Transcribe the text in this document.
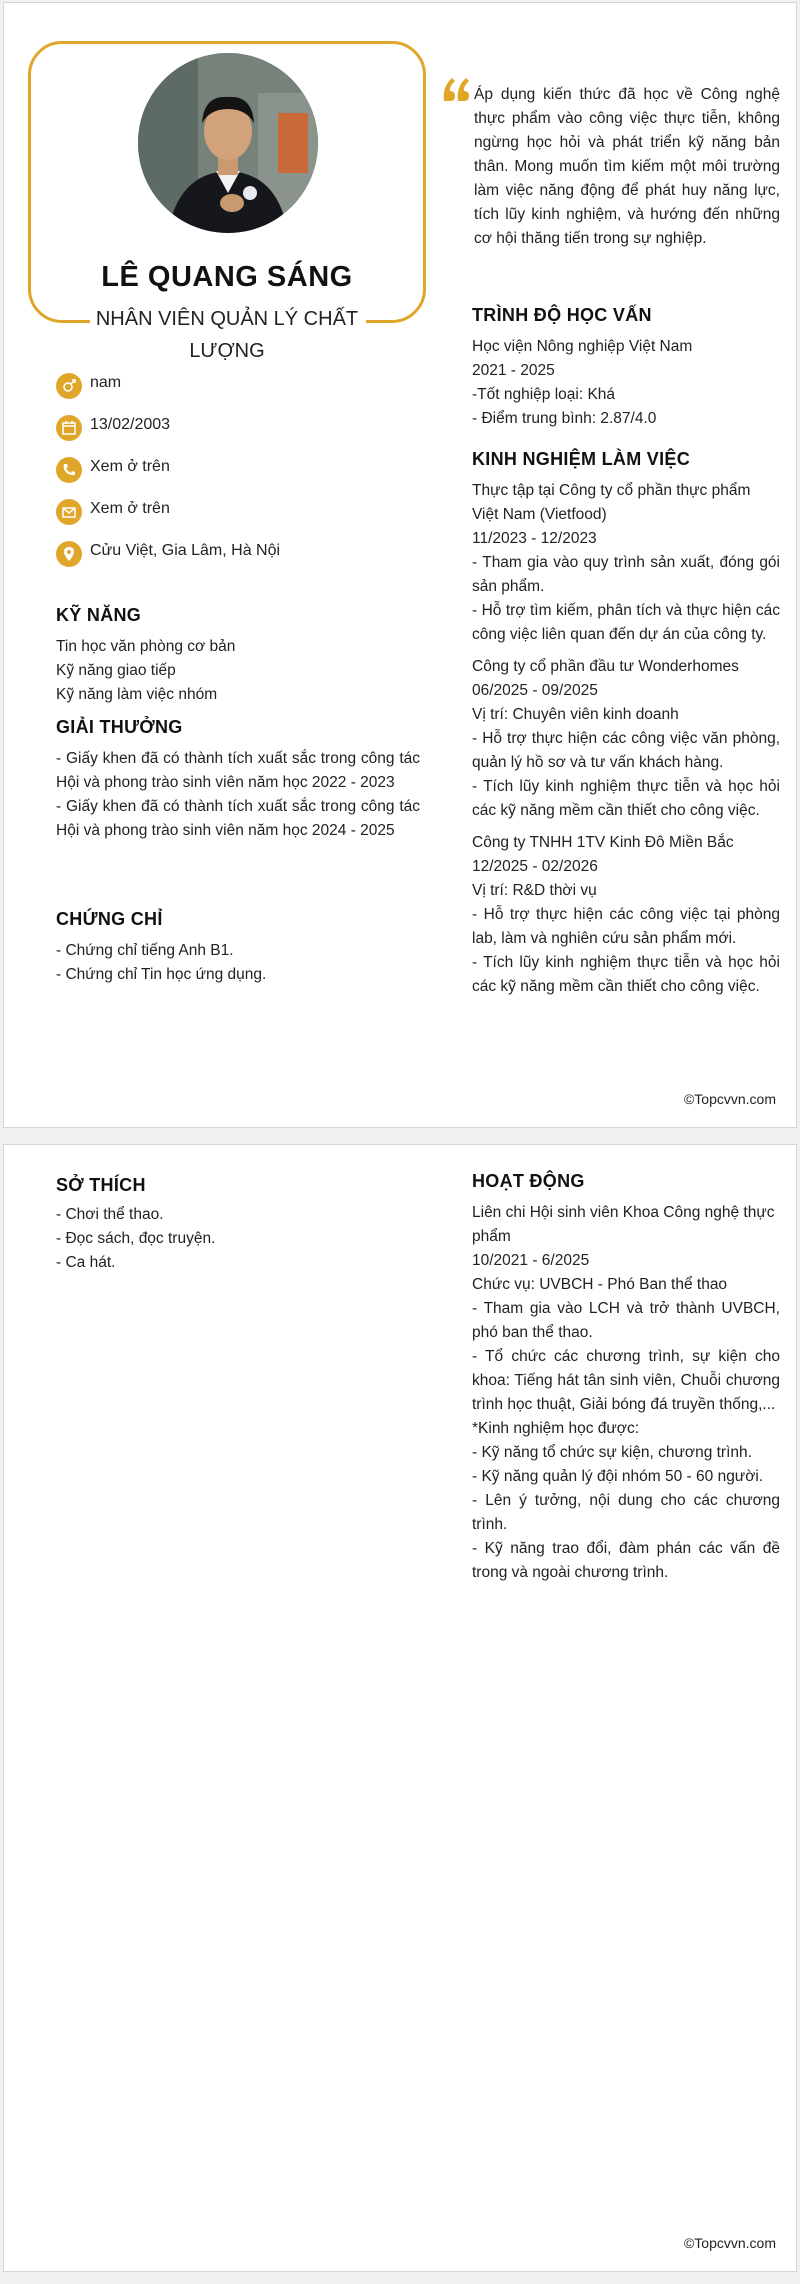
LÊ QUANG SÁNG
NHÂN VIÊN QUẢN LÝ CHẤT LƯỢNG
nam
13/02/2003
Xem ở trên
Xem ở trên
Cửu Việt, Gia Lâm, Hà Nội
KỸ NĂNG

Tin học văn phòng cơ bản

Kỹ năng giao tiếp

Kỹ năng làm việc nhóm

GIẢI THƯỞNG

- Giấy khen đã có thành tích xuất sắc trong công tác Hội và phong trào sinh viên năm học 2022 - 2023

- Giấy khen đã có thành tích xuất sắc trong công tác Hội và phong trào sinh viên năm học 2024 - 2025

CHỨNG CHỈ

- Chứng chỉ tiếng Anh B1.

- Chứng chỉ Tin học ứng dụng.

Áp dụng kiến thức đã học về Công nghệ thực phẩm vào công việc thực tiễn, không ngừng học hỏi và phát triển kỹ năng bản thân. Mong muốn tìm kiếm một môi trường làm việc năng động để phát huy năng lực, tích lũy kinh nghiệm, và hướng đến những cơ hội thăng tiến trong sự nghiệp.
TRÌNH ĐỘ HỌC VẤN

Học viện Nông nghiệp Việt Nam

2021 - 2025

-Tốt nghiệp loại: Khá

- Điểm trung bình: 2.87/4.0

KINH NGHIỆM LÀM VIỆC

Thực tập tại Công ty cổ phần thực phẩm Việt Nam (Vietfood)

11/2023 - 12/2023

- Tham gia vào quy trình sản xuất, đóng gói sản phẩm.

- Hỗ trợ tìm kiếm, phân tích và thực hiện các công việc liên quan đến dự án của công ty.

Công ty cổ phần đầu tư Wonderhomes

06/2025 - 09/2025

Vị trí: Chuyên viên kinh doanh

- Hỗ trợ thực hiện các công việc văn phòng, quản lý hồ sơ và tư vấn khách hàng.

- Tích lũy kinh nghiệm thực tiễn và học hỏi các kỹ năng mềm cần thiết cho công việc.

Công ty TNHH 1TV Kinh Đô Miền Bắc

12/2025 - 02/2026

Vị trí: R&D thời vụ

- Hỗ trợ thực hiện các công việc tại phòng lab, làm và nghiên cứu sản phẩm mới.

- Tích lũy kinh nghiệm thực tiễn và học hỏi các kỹ năng mềm cần thiết cho công việc.

©Topcvvn.com
SỞ THÍCH

- Chơi thể thao.

- Đọc sách, đọc truyện.

- Ca hát.

HOẠT ĐỘNG

Liên chi Hội sinh viên Khoa Công nghệ thực phẩm

10/2021 - 6/2025

Chức vụ: UVBCH - Phó Ban thể thao

- Tham gia vào LCH và trở thành UVBCH, phó ban thể thao.

- Tổ chức các chương trình, sự kiện cho khoa: Tiếng hát tân sinh viên, Chuỗi chương trình học thuật, Giải bóng đá truyền thống,...

*Kinh nghiệm học được:

- Kỹ năng tổ chức sự kiện, chương trình.

- Kỹ năng quản lý đội nhóm 50 - 60 người.

- Lên ý tưởng, nội dung cho các chương trình.

- Kỹ năng trao đổi, đàm phán các vấn đề trong và ngoài chương trình.

©Topcvvn.com
